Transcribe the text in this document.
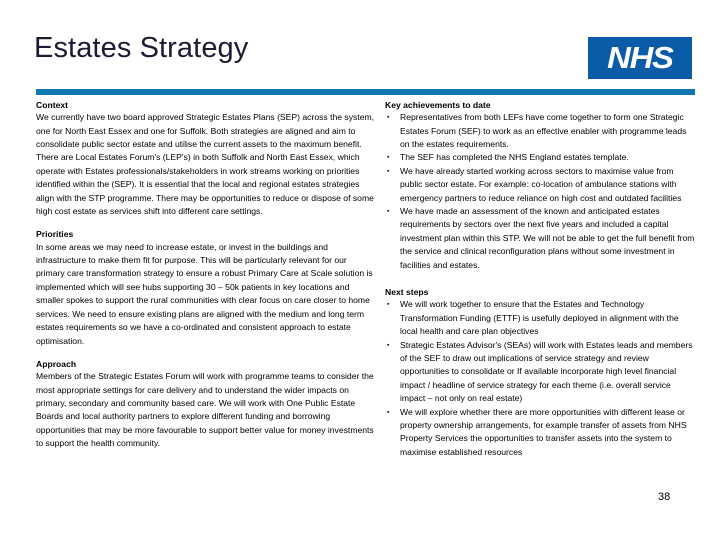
Estates Strategy	NHS
Context

We currently have two board approved Strategic Estates Plans (SEP) across the system, one for North East Essex and one for Suffolk. Both strategies are aligned and aim to consolidate public sector estate and utilise the current assets to the maximum benefit. There are Local Estates Forum's (LEP's) in both Suffolk and North East Essex, which operate with Estates professionals/stakeholders in work streams working on priorities identified within the (SEP). It is essential that the local and regional estates strategies align with the STP programme. There may be opportunities to reduce or dispose of some high cost estate as services shift into different care settings.

Priorities

In some areas we may need to increase estate, or invest in the buildings and infrastructure to make them fit for purpose. This will be particularly relevant for our primary care transformation strategy to ensure a robust Primary Care at Scale solution is implemented which will see hubs supporting 30 – 50k patients in key locations and smaller spokes to support the rural communities with clear focus on care closer to home services. We need to ensure existing plans are aligned with the medium and long term estates requirements so we have a co-ordinated and consistent approach to estate optimisation.

Approach

Members of the Strategic Estates Forum will work with programme teams to consider the most appropriate settings for care delivery and to understand the wider impacts on primary, secondary and community based care. We will work with One Public Estate Boards and local authority partners to explore different funding and borrowing opportunities that may be more favourable to support better value for money investments to support the health community.

Key achievements to date
▪ Representatives from both LEFs have come together to form one Strategic Estates Forum (SEF) to work as an effective enabler with programme leads on the estates requirements.
▪ The SEF has completed the NHS England estates template.
▪ We have already started working across sectors to maximise value from public sector estate. For example: co-location of ambulance stations with emergency partners to reduce reliance on high cost and outdated facilities
▪ We have made an assessment of the known and anticipated estates requirements by sectors over the next five years and included a capital investment plan within this STP. We will not be able to get the full benefit from the service and clinical reconfiguration plans without some investment in facilities and estates.
Next steps
▪ We will work together to ensure that the Estates and Technology Transformation Funding (ETTF) is usefully deployed in alignment with the local health and care plan objectives
▪ Strategic Estates Advisor's (SEAs) will work with Estates leads and members of the SEF to draw out implications of service strategy and review opportunities to consolidate or If available incorporate high level financial impact / headline of service strategy for each theme (i.e. overall service impact – not only on real estate)
▪ We will explore whether there are more opportunities with different lease or property ownership arrangements, for example transfer of assets from NHS Property Services the opportunities to transfer assets into the system to maximise established resources
38
